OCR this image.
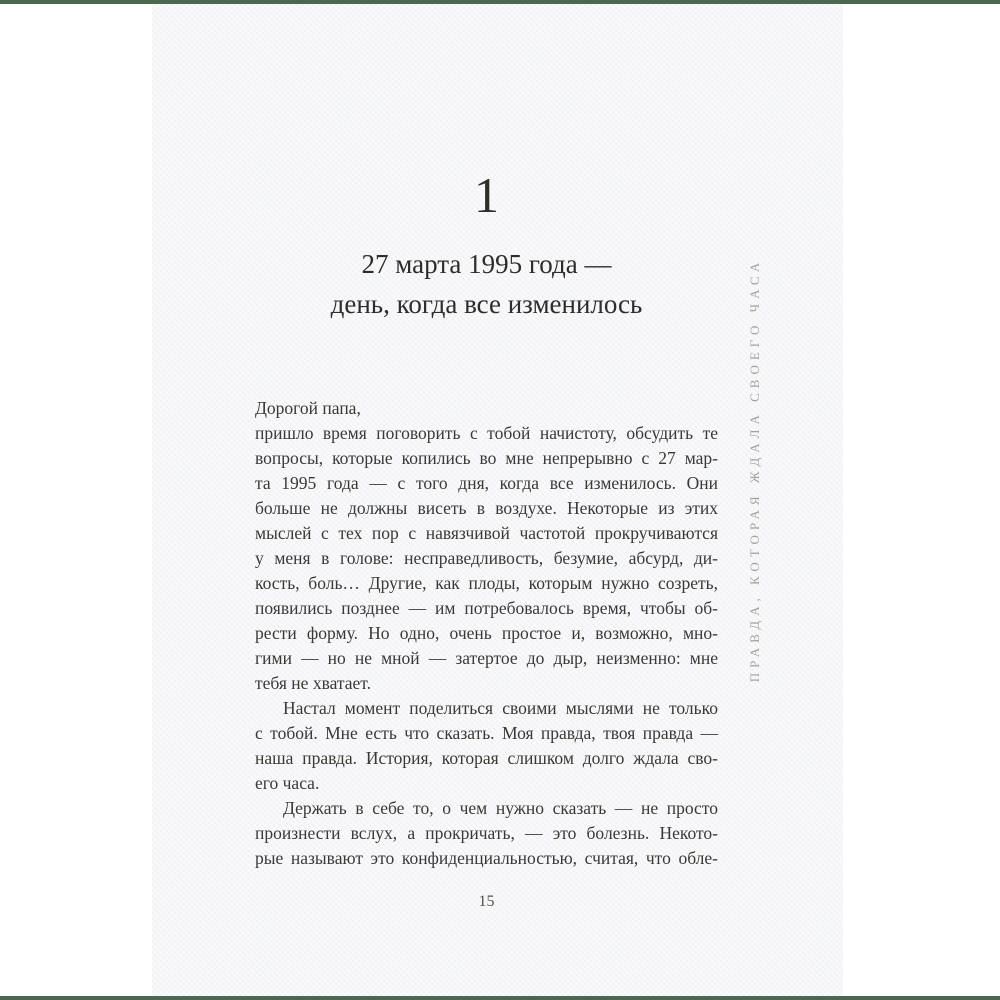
1
27 марта 1995 года —
день, когда все изменилось
Дорогой папа,
пришло время поговорить с тобой начистоту, обсудить те
вопросы, которые копились во мне непрерывно с 27 мар-
та 1995 года — с того дня, когда все изменилось. Они
больше не должны висеть в воздухе. Некоторые из этих
мыслей с тех пор с навязчивой частотой прокручиваются
у меня в голове: несправедливость, безумие, абсурд, ди-
кость, боль… Другие, как плоды, которым нужно созреть,
появились позднее — им потребовалось время, чтобы об-
рести форму. Но одно, очень простое и, возможно, мно-
гими — но не мной — затертое до дыр, неизменно: мне
тебя не хватает.
Настал момент поделиться своими мыслями не только
с тобой. Мне есть что сказать. Моя правда, твоя правда —
наша правда. История, которая слишком долго ждала сво-
его часа.
Держать в себе то, о чем нужно сказать — не просто
произнести вслух, а прокричать, — это болезнь. Некото-
рые называют это конфиденциальностью, считая, что обле-
ПРАВДА, КОТОРАЯ ЖДАЛА СВОЕГО ЧАСА
15
